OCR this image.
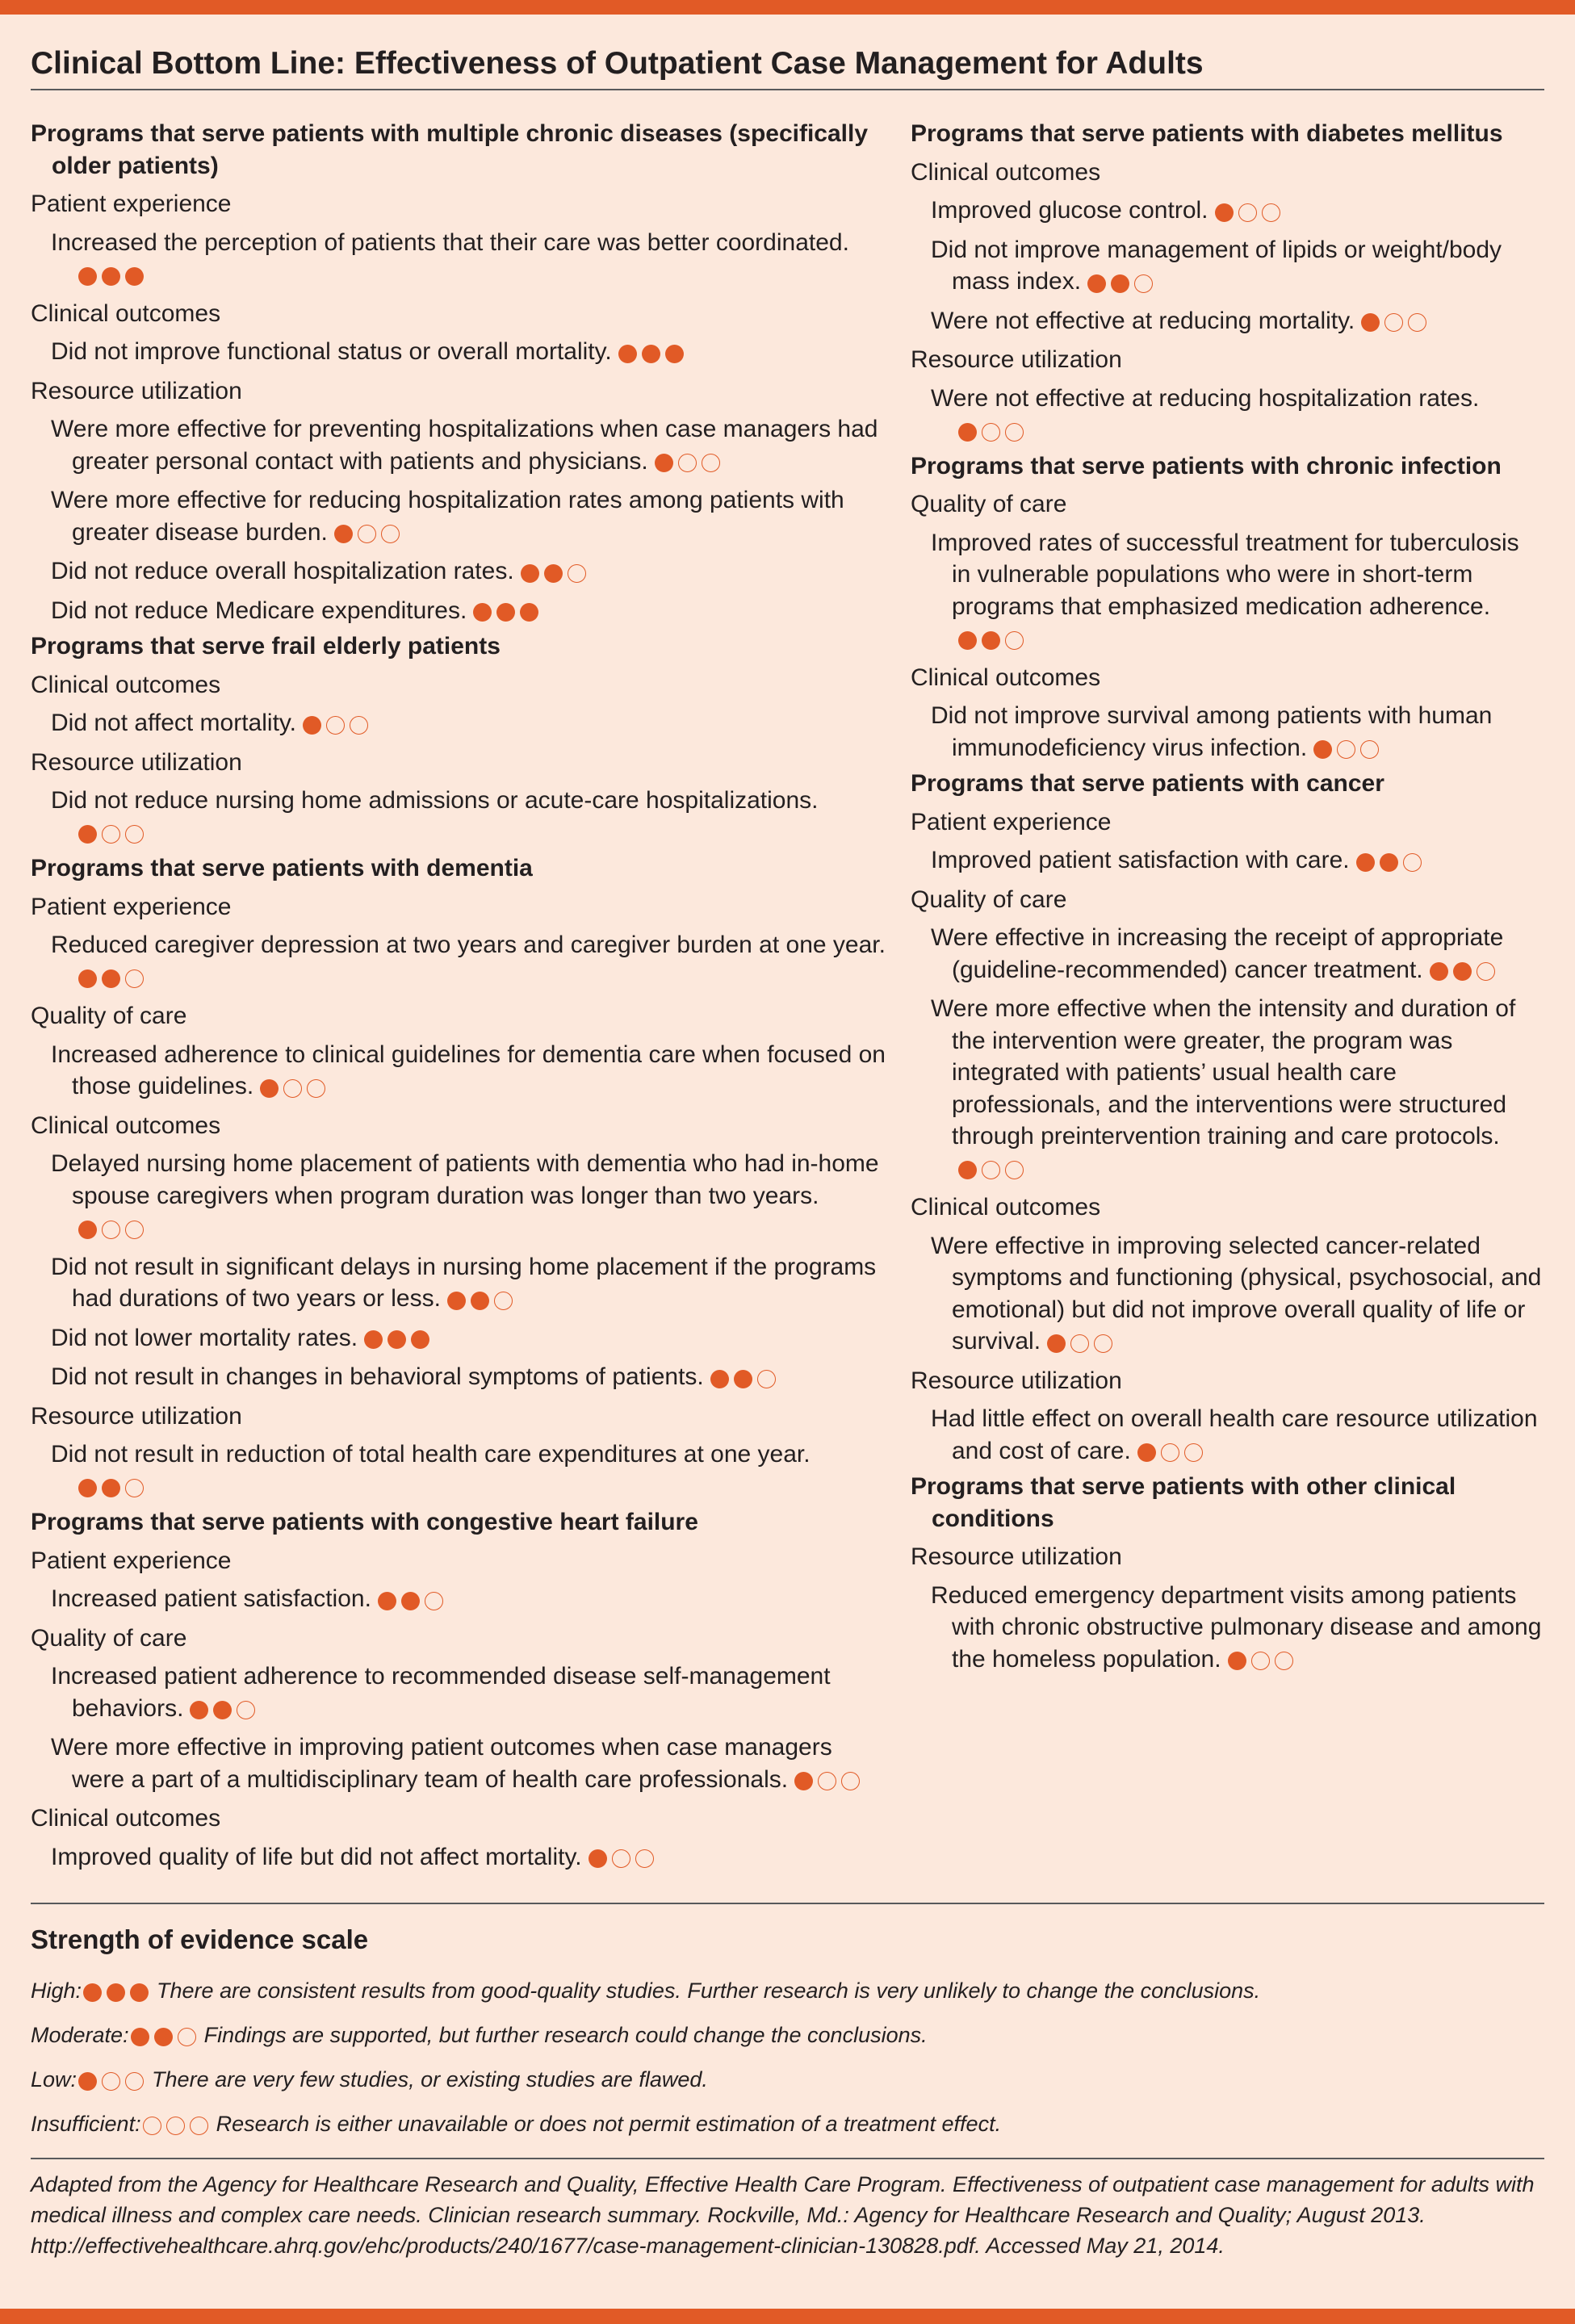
Clinical Bottom Line: Effectiveness of Outpatient Case Management for Adults
Programs that serve patients with multiple chronic diseases (specifically older patients)
Patient experience
Increased the perception of patients that their care was better coordinated.
Clinical outcomes
Did not improve functional status or overall mortality.
Resource utilization
Were more effective for preventing hospitalizations when case managers had greater personal contact with patients and physicians.
Were more effective for reducing hospitalization rates among patients with greater disease burden.
Did not reduce overall hospitalization rates.
Did not reduce Medicare expenditures.
Programs that serve frail elderly patients
Clinical outcomes
Did not affect mortality.
Resource utilization
Did not reduce nursing home admissions or acute-care hospitalizations.
Programs that serve patients with dementia
Patient experience
Reduced caregiver depression at two years and caregiver burden at one year.
Quality of care
Increased adherence to clinical guidelines for dementia care when focused on those guidelines.
Clinical outcomes
Delayed nursing home placement of patients with dementia who had in-home spouse caregivers when program duration was longer than two years.
Did not result in significant delays in nursing home placement if the programs had durations of two years or less.
Did not lower mortality rates.
Did not result in changes in behavioral symptoms of patients.
Resource utilization
Did not result in reduction of total health care expenditures at one year.
Programs that serve patients with congestive heart failure
Patient experience
Increased patient satisfaction.
Quality of care
Increased patient adherence to recommended disease self-management behaviors.
Were more effective in improving patient outcomes when case managers were a part of a multidisciplinary team of health care professionals.
Clinical outcomes
Improved quality of life but did not affect mortality.
Programs that serve patients with diabetes mellitus
Clinical outcomes
Improved glucose control.
Did not improve management of lipids or weight/body mass index.
Were not effective at reducing mortality.
Resource utilization
Were not effective at reducing hospitalization rates.
Programs that serve patients with chronic infection
Quality of care
Improved rates of successful treatment for tuberculosis in vulnerable populations who were in short-term programs that emphasized medication adherence.
Clinical outcomes
Did not improve survival among patients with human immunodeficiency virus infection.
Programs that serve patients with cancer
Patient experience
Improved patient satisfaction with care.
Quality of care
Were effective in increasing the receipt of appropriate (guideline-recommended) cancer treatment.
Were more effective when the intensity and duration of the intervention were greater, the program was integrated with patients’ usual health care professionals, and the interventions were structured through preintervention training and care protocols.
Clinical outcomes
Were effective in improving selected cancer-related symptoms and functioning (physical, psychosocial, and emotional) but did not improve overall quality of life or survival.
Resource utilization
Had little effect on overall health care resource utilization and cost of care.
Programs that serve patients with other clinical conditions
Resource utilization
Reduced emergency department visits among patients with chronic obstructive pulmonary disease and among the homeless population.
Strength of evidence scale
High:	There are consistent results from good-quality studies. Further research is very unlikely to change the conclusions.
Moderate:	Findings are supported, but further research could change the conclusions.
Low:	There are very few studies, or existing studies are flawed.
Insufficient:	Research is either unavailable or does not permit estimation of a treatment effect.
Adapted from the Agency for Healthcare Research and Quality, Effective Health Care Program. Effectiveness of outpatient case management for adults with medical illness and complex care needs. Clinician research summary. Rockville, Md.: Agency for Healthcare Research and Quality; August 2013. http://effectivehealthcare.ahrq.gov/ehc/products/240/1677/case-management-clinician-130828.pdf. Accessed May 21, 2014.
